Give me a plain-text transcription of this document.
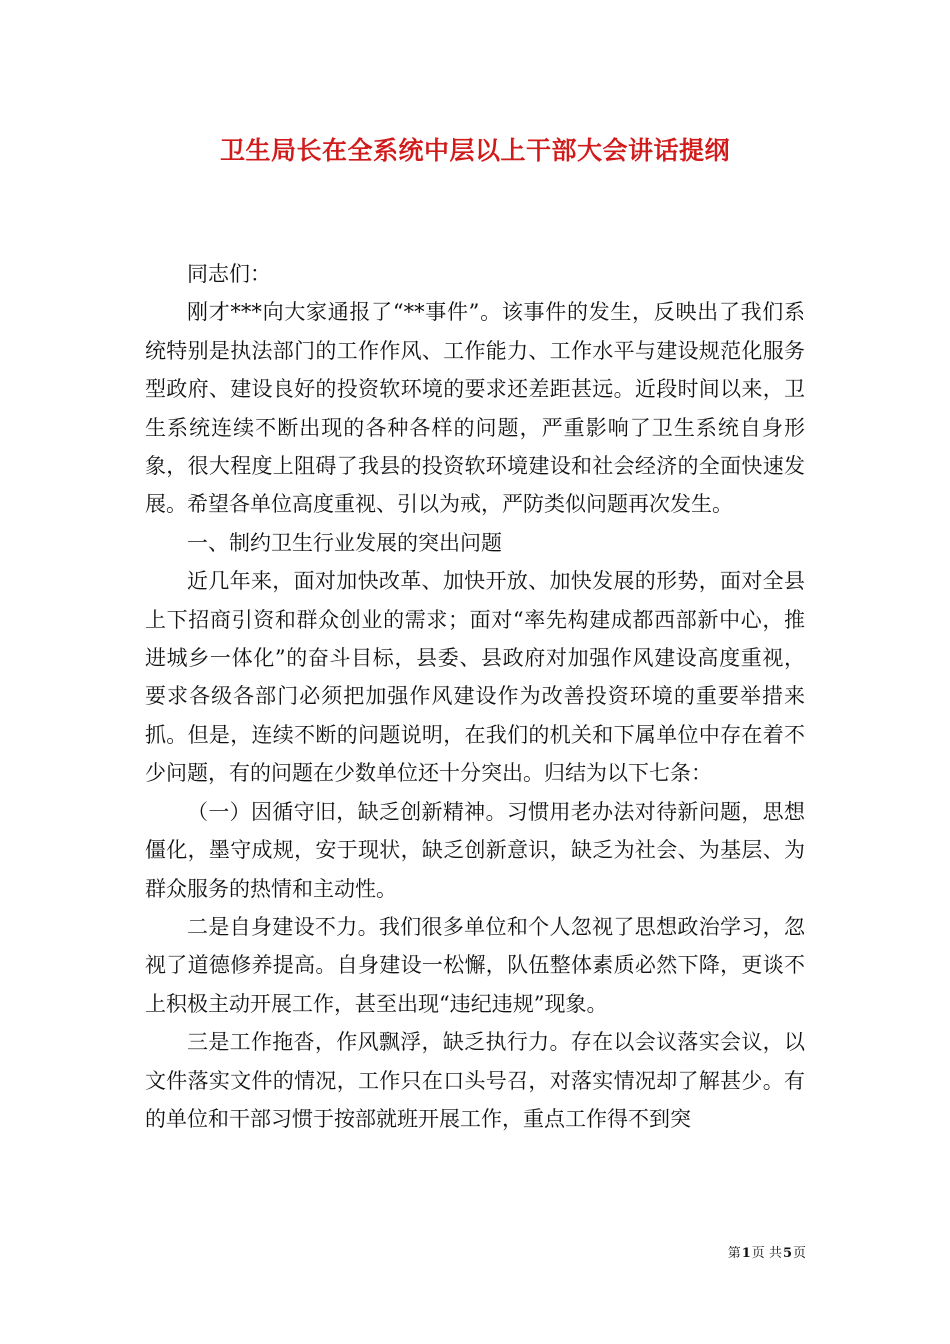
卫生局长在全系统中层以上干部大会讲话提纲

同志们：

刚才***向大家通报了“**事件”。该事件的发生，反映出了我们系统特别是执法部门的工作作风、工作能力、工作水平与建设规范化服务型政府、建设良好的投资软环境的要求还差距甚远。近段时间以来，卫生系统连续不断出现的各种各样的问题，严重影响了卫生系统自身形象，很大程度上阻碍了我县的投资软环境建设和社会经济的全面快速发展。希望各单位高度重视、引以为戒，严防类似问题再次发生。

一、制约卫生行业发展的突出问题

近几年来，面对加快改革、加快开放、加快发展的形势，面对全县上下招商引资和群众创业的需求；面对“率先构建成都西部新中心，推进城乡一体化”的奋斗目标，县委、县政府对加强作风建设高度重视，要求各级各部门必须把加强作风建设作为改善投资环境的重要举措来抓。但是，连续不断的问题说明，在我们的机关和下属单位中存在着不少问题，有的问题在少数单位还十分突出。归结为以下七条：

（一）因循守旧，缺乏创新精神。习惯用老办法对待新问题，思想僵化，墨守成规，安于现状，缺乏创新意识，缺乏为社会、为基层、为群众服务的热情和主动性。

二是自身建设不力。我们很多单位和个人忽视了思想政治学习，忽视了道德修养提高。自身建设一松懈，队伍整体素质必然下降，更谈不上积极主动开展工作，甚至出现“违纪违规”现象。

三是工作拖沓，作风飘浮，缺乏执行力。存在以会议落实会议，以文件落实文件的情况，工作只在口头号召，对落实情况却了解甚少。有的单位和干部习惯于按部就班开展工作，重点工作得不到突

第1页 共5页
